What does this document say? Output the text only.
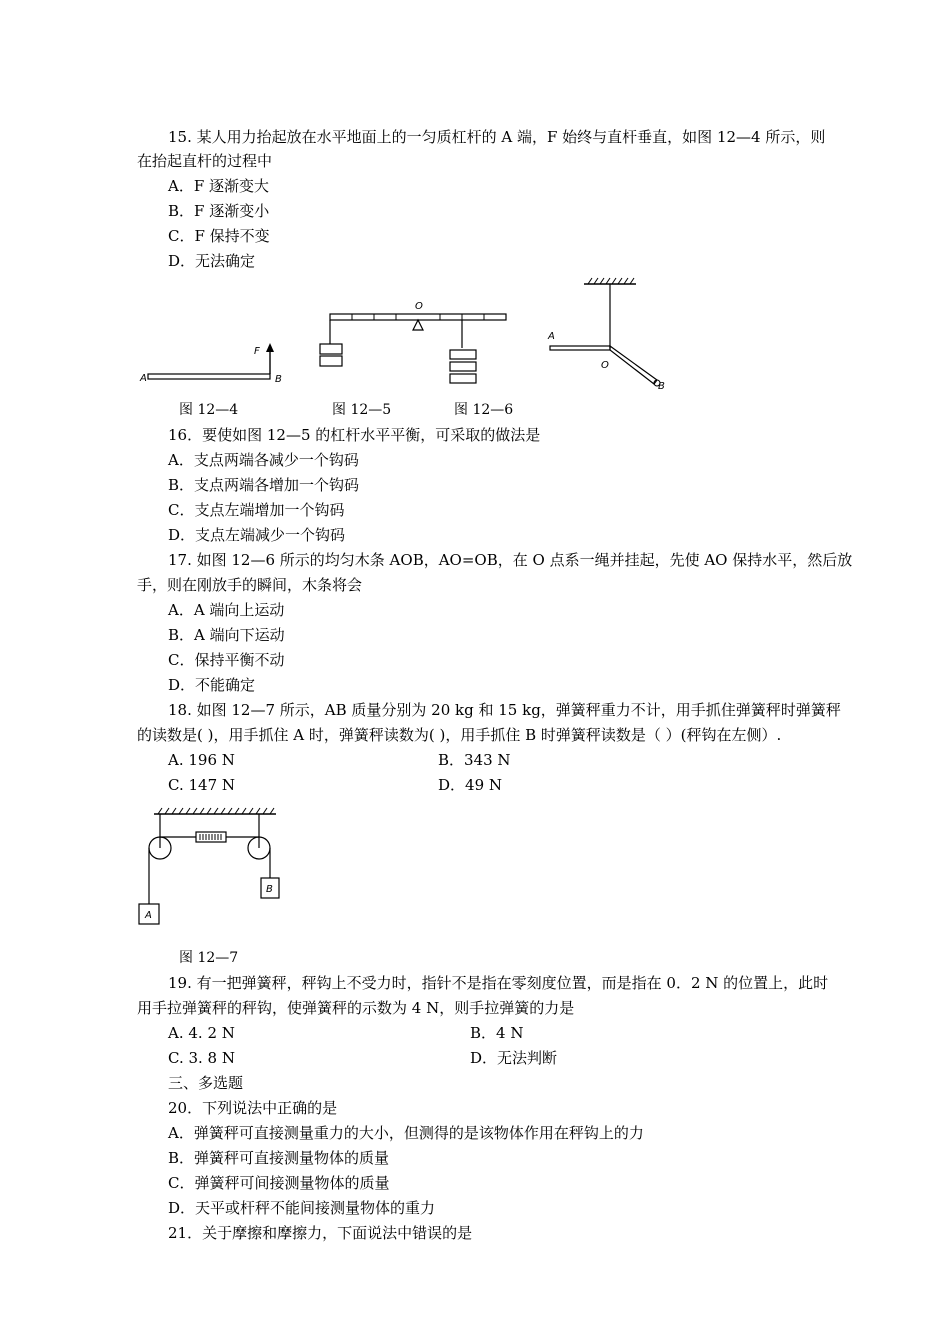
15. 某人用力抬起放在水平地面上的一匀质杠杆的 A 端，F 始终与直杆垂直，如图 12—4 所示，则
在抬起直杆的过程中
A．F 逐渐变大
B．F 逐渐变小
C．F 保持不变
D．无法确定
A	B
F
O
A
O
B
图 12—4	图 12—5	图 12—6
16．要使如图 12—5 的杠杆水平平衡，可采取的做法是
A．支点两端各减少一个钩码
B．支点两端各增加一个钩码
C．支点左端增加一个钩码
D．支点左端减少一个钩码
17. 如图 12—6 所示的均匀木条 AOB，AO=OB，在 O 点系一绳并挂起，先使 AO 保持水平，然后放
手，则在刚放手的瞬间，木条将会
A．A 端向上运动
B．A 端向下运动
C．保持平衡不动
D．不能确定
18. 如图 12—7 所示，AB 质量分别为 20 kg 和 15 kg，弹簧秤重力不计，用手抓住弹簧秤时弹簧秤
的读数是( )，用手抓住 A 时，弹簧秤读数为( )，用手抓住 B 时弹簧秤读数是（ ）(秤钩在左侧）.
A. 196 N	B．343 N
C. 147 N	D．49 N
A
B
图 12—7
19. 有一把弹簧秤，秤钩上不受力时，指针不是指在零刻度位置，而是指在 0．2 N 的位置上，此时
用手拉弹簧秤的秤钩，使弹簧秤的示数为 4 N，则手拉弹簧的力是
A. 4. 2 N	B．4 N
C. 3. 8 N	D．无法判断
三、多选题
20．下列说法中正确的是
A．弹簧秤可直接测量重力的大小，但测得的是该物体作用在秤钩上的力
B．弹簧秤可直接测量物体的质量
C．弹簧秤可间接测量物体的质量
D．天平或杆秤不能间接测量物体的重力
21．关于摩擦和摩擦力，下面说法中错误的是
